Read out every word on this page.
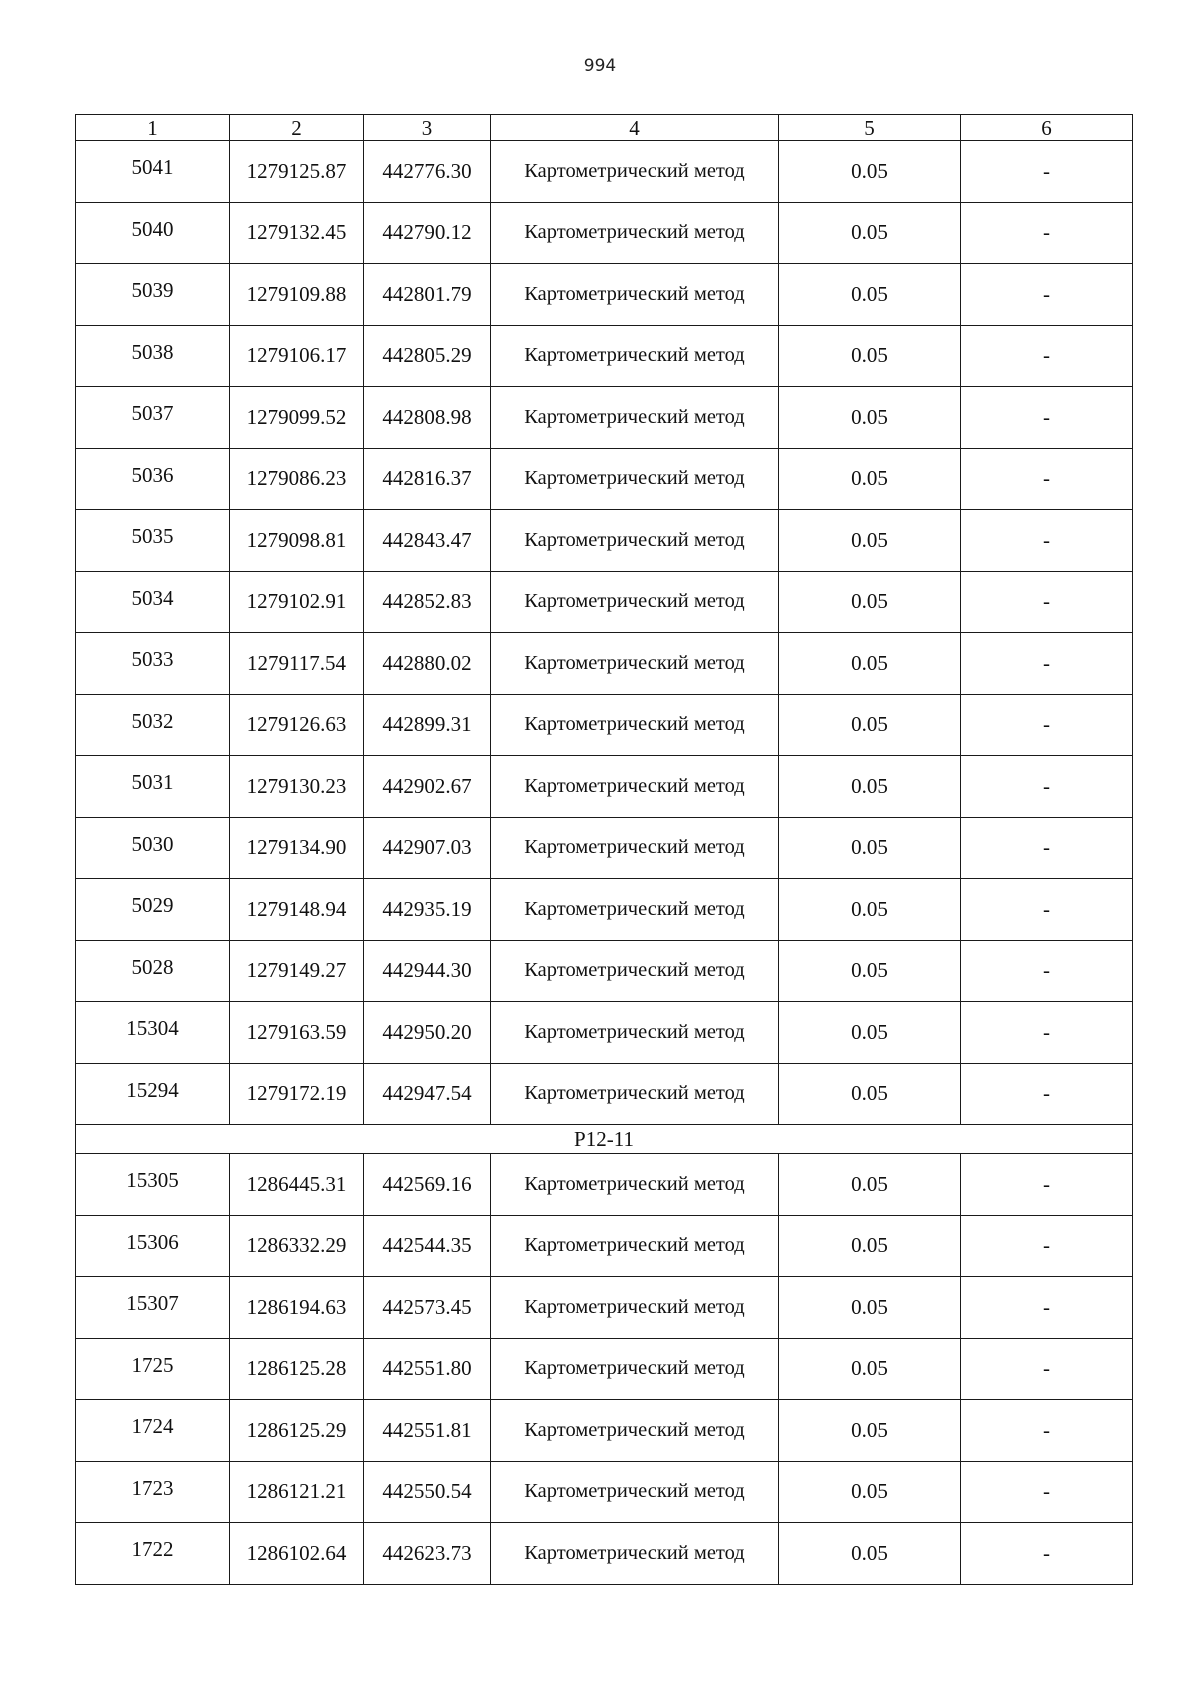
994
1	2	3	4	5	6
5041	1279125.87	442776.30	Картометрический метод	0.05	-
5040	1279132.45	442790.12	Картометрический метод	0.05	-
5039	1279109.88	442801.79	Картометрический метод	0.05	-
5038	1279106.17	442805.29	Картометрический метод	0.05	-
5037	1279099.52	442808.98	Картометрический метод	0.05	-
5036	1279086.23	442816.37	Картометрический метод	0.05	-
5035	1279098.81	442843.47	Картометрический метод	0.05	-
5034	1279102.91	442852.83	Картометрический метод	0.05	-
5033	1279117.54	442880.02	Картометрический метод	0.05	-
5032	1279126.63	442899.31	Картометрический метод	0.05	-
5031	1279130.23	442902.67	Картометрический метод	0.05	-
5030	1279134.90	442907.03	Картометрический метод	0.05	-
5029	1279148.94	442935.19	Картометрический метод	0.05	-
5028	1279149.27	442944.30	Картометрический метод	0.05	-
15304	1279163.59	442950.20	Картометрический метод	0.05	-
15294	1279172.19	442947.54	Картометрический метод	0.05	-
P12-11					
15305	1286445.31	442569.16	Картометрический метод	0.05	-
15306	1286332.29	442544.35	Картометрический метод	0.05	-
15307	1286194.63	442573.45	Картометрический метод	0.05	-
1725	1286125.28	442551.80	Картометрический метод	0.05	-
1724	1286125.29	442551.81	Картометрический метод	0.05	-
1723	1286121.21	442550.54	Картометрический метод	0.05	-
1722	1286102.64	442623.73	Картометрический метод	0.05	-
